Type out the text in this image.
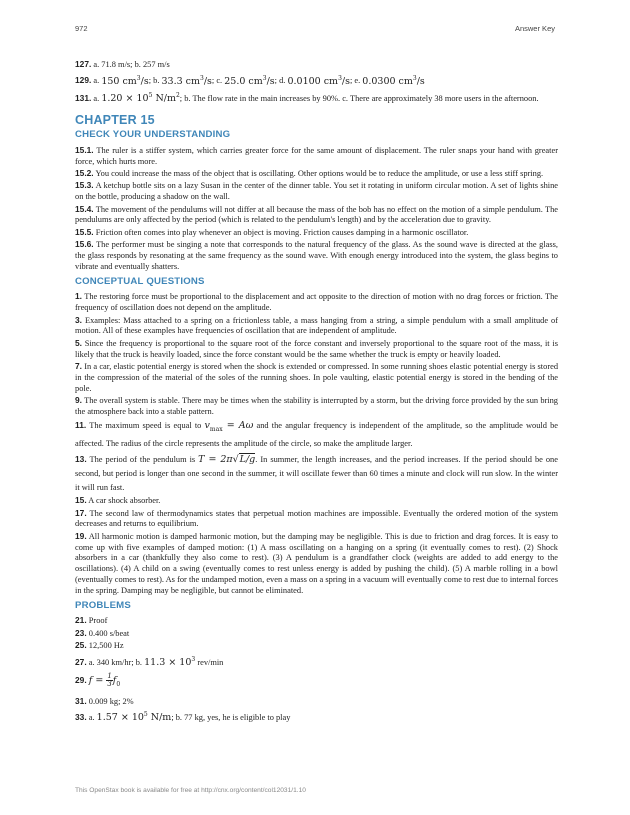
972	Answer Key

127. a. 71.8 m/s; b. 257 m/s

129. a. 150 $cm^3/s$; b. 33.3 $cm^3/s$; c. 25.0 $cm^3/s$; d. 0.0100 $cm^3/s$; e. 0.0300 $cm^3/s$

131. a. $1.20 \times 10^5$ $N/m^2$; b. The flow rate in the main increases by 90%. c. There are approximately 38 more users in the afternoon.

CHAPTER 15
CHECK YOUR UNDERSTANDING

15.1. The ruler is a stiffer system, which carries greater force for the same amount of displacement. The ruler snaps your hand with greater force, which hurts more.

15.2. You could increase the mass of the object that is oscillating. Other options would be to reduce the amplitude, or use a less stiff spring.

15.3. A ketchup bottle sits on a lazy Susan in the center of the dinner table. You set it rotating in uniform circular motion. A set of lights shine on the bottle, producing a shadow on the wall.

15.4. The movement of the pendulums will not differ at all because the mass of the bob has no effect on the motion of a simple pendulum. The pendulums are only affected by the period (which is related to the pendulum's length) and by the acceleration due to gravity.

15.5. Friction often comes into play whenever an object is moving. Friction causes damping in a harmonic oscillator.

15.6. The performer must be singing a note that corresponds to the natural frequency of the glass. As the sound wave is directed at the glass, the glass responds by resonating at the same frequency as the sound wave. With enough energy introduced into the system, the glass begins to vibrate and eventually shatters.

CONCEPTUAL QUESTIONS

1. The restoring force must be proportional to the displacement and act opposite to the direction of motion with no drag forces or friction. The frequency of oscillation does not depend on the amplitude.

3. Examples: Mass attached to a spring on a frictionless table, a mass hanging from a string, a simple pendulum with a small amplitude of motion. All of these examples have frequencies of oscillation that are independent of amplitude.

5. Since the frequency is proportional to the square root of the force constant and inversely proportional to the square root of the mass, it is likely that the truck is heavily loaded, since the force constant would be the same whether the truck is empty or heavily loaded.

7. In a car, elastic potential energy is stored when the shock is extended or compressed. In some running shoes elastic potential energy is stored in the compression of the material of the soles of the running shoes. In pole vaulting, elastic potential energy is stored in the bending of the pole.

9. The overall system is stable. There may be times when the stability is interrupted by a storm, but the driving force provided by the sun bring the atmosphere back into a stable pattern.

11. The maximum speed is equal to $v_{max} = A\omega$ and the angular frequency is independent of the amplitude, so the amplitude would be affected. The radius of the circle represents the amplitude of the circle, so make the amplitude larger.

13. The period of the pendulum is T = 2π√L/g. In summer, the length increases, and the period increases. If the period should be one second, but period is longer than one second in the summer, it will oscillate fewer than 60 times a minute and clock will run slow. In the winter it will run fast.

15. A car shock absorber.

17. The second law of thermodynamics states that perpetual motion machines are impossible. Eventually the ordered motion of the system decreases and returns to equilibrium.

19. All harmonic motion is damped harmonic motion, but the damping may be negligible. This is due to friction and drag forces. It is easy to come up with five examples of damped motion: (1) A mass oscillating on a hanging on a spring (it eventually comes to rest). (2) Shock absorbers in a car (thankfully they also come to rest). (3) A pendulum is a grandfather clock (weights are added to add energy to the oscillations). (4) A child on a swing (eventually comes to rest unless energy is added by pushing the child). (5) A marble rolling in a bowl (eventually comes to rest). As for the undamped motion, even a mass on a spring in a vacuum will eventually come to rest due to internal forces in the spring. Damping may be negligible, but cannot be eliminated.

PROBLEMS

21. Proof

23. 0.400 s/beat

25. 12,500 Hz

27. a. 340 km/hr; b. $11.3 \times 10^3$ rev/min

29. $f = \frac{1}{3} f_0$

31. 0.009 kg; 2%

33. a. $1.57 \times 10^5$ N/m; b. 77 kg, yes, he is eligible to play

This OpenStax book is available for free at http://cnx.org/content/col12031/1.10
